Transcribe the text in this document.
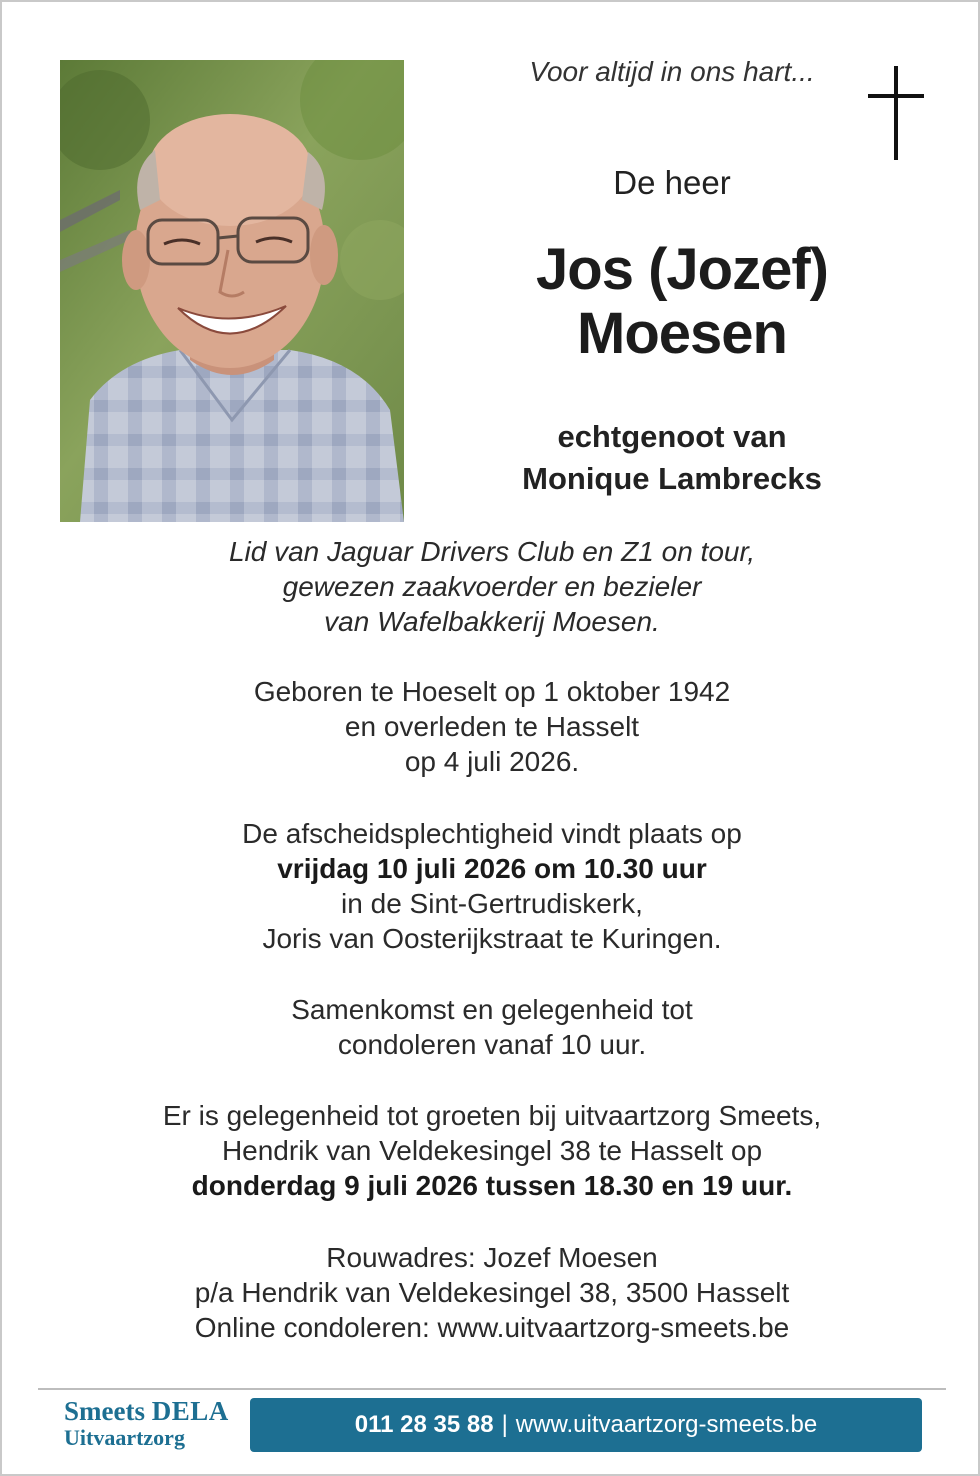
Voor altijd in ons hart...
De heer
Jos (Jozef)
Moesen
echtgenoot van
Monique Lambrecks
Lid van Jaguar Drivers Club en Z1 on tour,
gewezen zaakvoerder en bezieler
van Wafelbakkerij Moesen.
Geboren te Hoeselt op 1 oktober 1942
en overleden te Hasselt
op 4 juli 2026.
De afscheidsplechtigheid vindt plaats op
vrijdag 10 juli 2026 om 10.30 uur
in de Sint-Gertrudiskerk,
Joris van Oosterijkstraat te Kuringen.
Samenkomst en gelegenheid tot
condoleren vanaf 10 uur.
Er is gelegenheid tot groeten bij uitvaartzorg Smeets,
Hendrik van Veldekesingel 38 te Hasselt op
donderdag 9 juli 2026 tussen 18.30 en 19 uur.
Rouwadres: Jozef Moesen
p/a Hendrik van Veldekesingel 38, 3500 Hasselt
Online condoleren: www.uitvaartzorg-smeets.be
Smeets DELA
Uitvaartzorg	011 28 35 88 | www.uitvaartzorg-smeets.be
